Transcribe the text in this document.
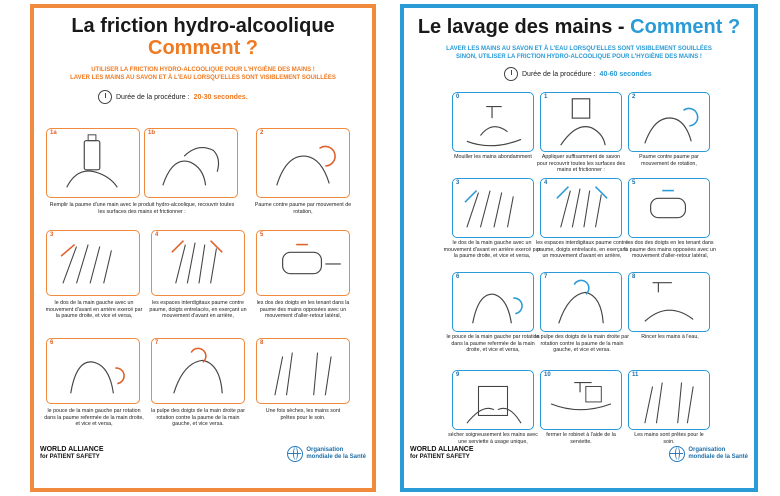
La friction hydro-alcoolique
Comment ?
UTILISER LA FRICTION HYDRO-ALCOOLIQUE POUR L'HYGIÈNE DES MAINS !
LAVER LES MAINS AU SAVON ET À L'EAU LORSQU'ELLES SONT VISIBLEMENT SOUILLÉES
Durée de la procédure : 20-30 secondes.
1a	1b	2
Remplir la paume d'une main avec le produit hydro-alcoolique, recouvrir toutes les surfaces des mains et frictionner :
Paume contre paume par mouvement de rotation,
3	4	5
le dos de la main gauche avec un mouvement d'avant en arrière exercé par la paume droite, et vice et versa,
les espaces interdigitaux paume contre paume, doigts entrelacés, en exerçant un mouvement d'avant en arrière,
les dos des doigts en les tenant dans la paume des mains opposées avec un mouvement d'aller-retour latéral,
6	7	8
le pouce de la main gauche par rotation dans la paume refermée de la main droite, et vice et versa,
la pulpe des doigts de la main droite par rotation contre la paume de la main gauche, et vice versa.
Une fois sèches, les mains sont prêtes pour le soin.
WORLD ALLIANCE
for PATIENT SAFETY

Organisation
mondiale de la Santé
Le lavage des mains - Comment ?
LAVER LES MAINS AU SAVON ET À L'EAU LORSQU'ELLES SONT VISIBLEMENT SOUILLÉES
SINON, UTILISER LA FRICTION HYDRO-ALCOOLIQUE POUR L'HYGIÈNE DES MAINS !
Durée de la procédure : 40-60 secondes
0	1	2
Mouiller les mains abondamment	Appliquer suffisamment de savon pour recouvrir toutes les surfaces des mains et frictionner :
Paume contre paume par mouvement de rotation,
3	4	5
le dos de la main gauche avec un mouvement d'avant en arrière exercé par la paume droite, et vice et versa,
les espaces interdigitaux paume contre paume, doigts entrelacés, en exerçant un mouvement d'avant en arrière,
les dos des doigts en les tenant dans la paume des mains opposées avec un mouvement d'aller-retour latéral,
6	7	8
le pouce de la main gauche par rotation dans la paume refermée de la main droite, et vice et versa,
la pulpe des doigts de la main droite par rotation contre la paume de la main gauche, et vice et versa.
Rincer les mains à l'eau,
9	10	11
sécher soigneusement les mains avec une serviette à usage unique,
fermer le robinet à l'aide de la serviette.
Les mains sont prêtes pour le soin.
WORLD ALLIANCE
for PATIENT SAFETY

Organisation
mondiale de la Santé
